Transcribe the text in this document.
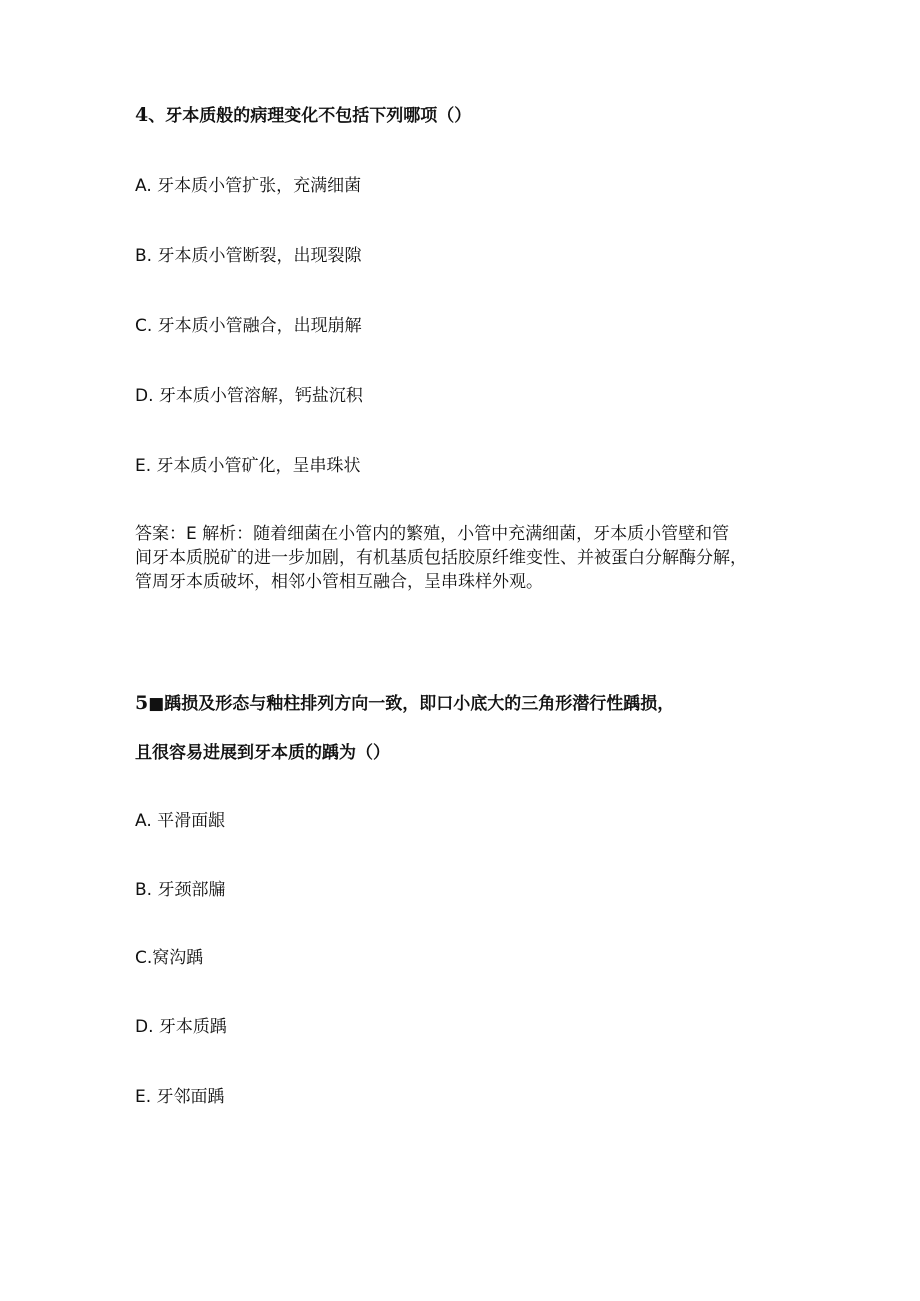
4、牙本质般的病理变化不包括下列哪项（）
A. 牙本质小管扩张，充满细菌
B. 牙本质小管断裂，出现裂隙
C. 牙本质小管融合，出现崩解
D. 牙本质小管溶解，钙盐沉积
E. 牙本质小管矿化，呈串珠状

答案：E 解析：随着细菌在小管内的繁殖，小管中充满细菌，牙本质小管壁和管

间牙本质脱矿的进一步加剧，有机基质包括胶原纤维变性、并被蛋白分解酶分解，

管周牙本质破坏，相邻小管相互融合，呈串珠样外观。

5■踽损及形态与釉柱排列方向一致，即口小底大的三角形潜行性踽损，
且很容易进展到牙本质的踽为（）
A. 平滑面龈
B. 牙颈部牖
C.窝沟踽
D. 牙本质踽
E. 牙邻面踽
